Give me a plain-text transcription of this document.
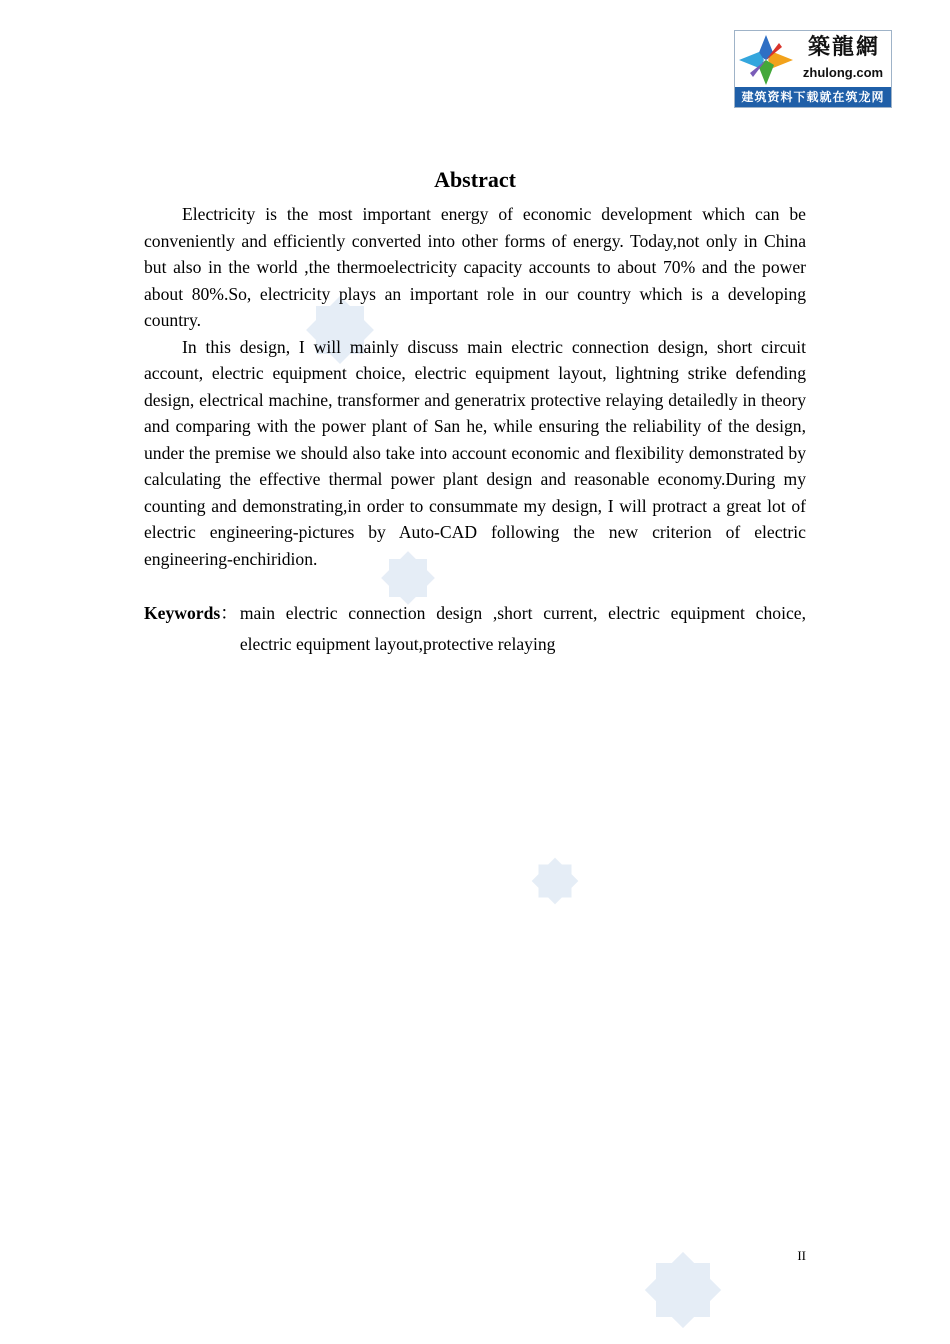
築龍網
zhulong.com
建筑资料下载就在筑龙网
Abstract

Electricity is the most important energy of economic development which can be conveniently and efficiently converted into other forms of energy. Today,not only in China but also in the world ,the thermoelectricity capacity accounts to about 70% and the power about 80%.So, electricity plays an important role in our country which is a developing country.

In this design, I will mainly discuss main electric connection design, short circuit account, electric equipment choice, electric equipment layout, lightning strike defending design, electrical machine, transformer and generatrix protective relaying detailedly in theory and comparing with the power plant of San he, while ensuring the reliability of the design, under the premise we should also take into account economic and flexibility demonstrated by calculating the effective thermal power plant design and reasonable economy.During my counting and demonstrating,in order to consummate my design, I will protract a great lot of electric engineering-pictures by Auto-CAD following the new criterion of electric engineering-enchiridion.

Keywords ： main electric connection design ,short current, electric equipment choice, electric equipment layout,protective relaying
II
